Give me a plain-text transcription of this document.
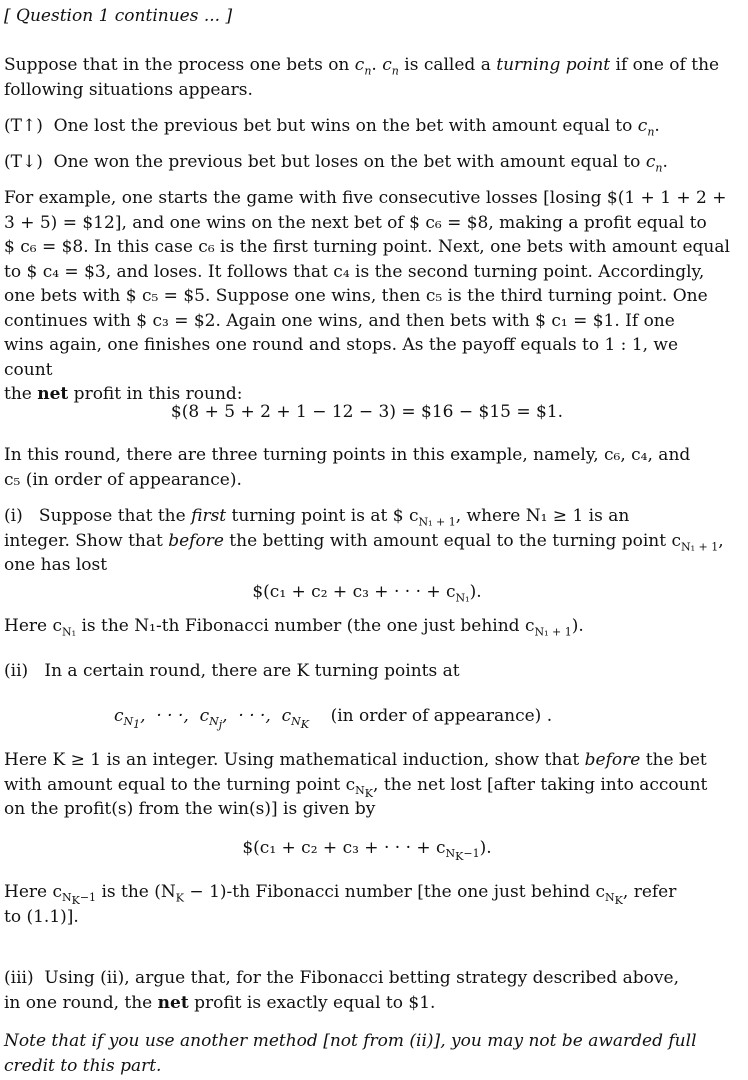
[ Question 1 continues ... ]

Suppose that in the process one bets on $c_n$. $c_n$ is called a turning point if one of the following situations appears.

(T↑) One lost the previous bet but wins on the bet with amount equal to $c_n$.
(T↓) One won the previous bet but loses on the bet with amount equal to $c_n$.
For example, one starts the game with five consecutive losses [losing $(1 + 1 + 2 +
3 + 5) = $12], and one wins on the next bet of $ c₆ = $8, making a profit equal to
$ c₆ = $8. In this case c₆ is the first turning point. Next, one bets with amount equal
to $ c₄ = $3, and loses. It follows that c₄ is the second turning point. Accordingly,
one bets with $ c₅ = $5. Suppose one wins, then c₅ is the third turning point. One
continues with $ c₃ = $2. Again one wins, and then bets with $ c₁ = $1. If one
wins again, one finishes one round and stops. As the payoff equals to 1 : 1, we count
the net profit in this round:
$(8 + 5 + 2 + 1 − 12 − 3) = $16 − $15 = $1.
In this round, there are three turning points in this example, namely, c₆, c₄, and
c₅ (in order of appearance).
(i) Suppose that the first turning point is at $ $c_{N_1 + 1}$, where N₁ ≥ 1 is an
integer. Show that before the betting with amount equal to the turning point $c_{N_1 + 1}$,
one has lost
$(c₁ + c₂ + c₃ + · · · + $c_{N_1}$).
Here $c_{N_1}$ is the N₁-th Fibonacci number (the one just behind $c_{N_1 + 1}$).
(ii) In a certain round, there are K turning points at
$c_{N_1}$,  · · ·,  $c_{N_j}$,  · · ·,  $c_{N_K}$ (in order of appearance) .
Here K ≥ 1 is an integer. Using mathematical induction, show that before the bet
with amount equal to the turning point $c_{N_K}$, the net lost [after taking into account
on the profit(s) from the win(s)] is given by
$(c₁ + c₂ + c₃ + · · · + $c_{N_K-1}$).
Here $c_{N_K-1}$ is the $(N_K - 1)-th$ Fibonacci number [the one just behind $c_{N_K}$, refer
to (1.1)].
(iii) Using (ii), argue that, for the Fibonacci betting strategy described above,
in one round, the net profit is exactly equal to $1.
Note that if you use another method [not from (ii)], you may not be awarded full
credit to this part.
